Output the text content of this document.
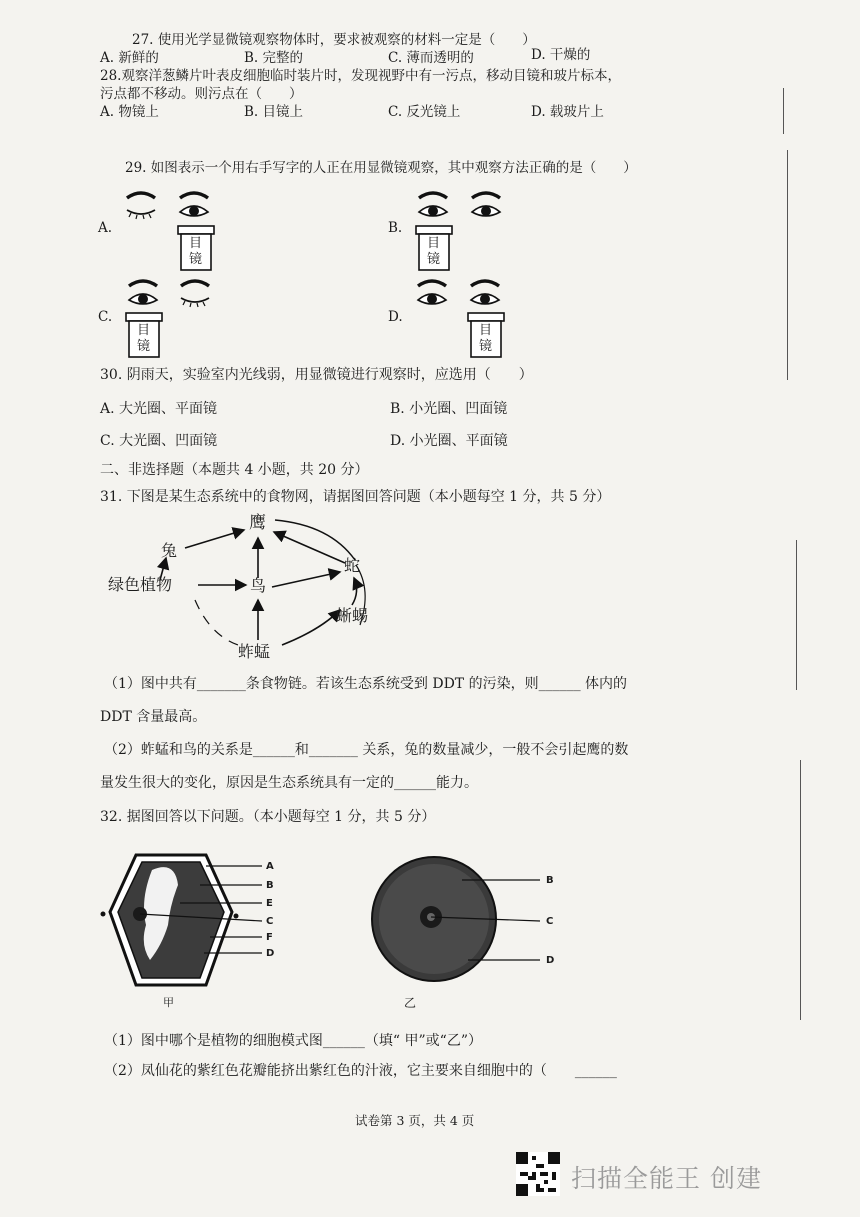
27. 使用光学显微镜观察物体时，要求被观察的材料一定是（　　）
A. 新鲜的	B. 完整的	C. 薄而透明的	D. 干燥的
28.观察洋葱鳞片叶表皮细胞临时装片时，发现视野中有一污点，移动目镜和玻片标本，
污点都不移动。则污点在（　　）
A. 物镜上	B. 目镜上	C. 反光镜上	D. 载玻片上
29. 如图表示一个用右手写字的人正在用显微镜观察，其中观察方法正确的是（　　）
A.	B.
C.	D.
目
镜
目
镜
目
镜
目
镜
30. 阴雨天，实验室内光线弱，用显微镜进行观察时，应选用（　　）
A. 大光圈、平面镜	B. 小光圈、凹面镜
C. 大光圈、凹面镜	D. 小光圈、平面镜
二、非选择题（本题共 4 小题，共 20 分）
31. 下图是某生态系统中的食物网，请据图回答问题（本小题每空 1 分，共 5 分）
鹰
兔
绿色植物	鸟
蛇
蜥蜴
蚱蜢
（1）图中共有_______条食物链。若该生态系统受到 DDT 的污染，则______ 体内的
DDT 含量最高。
（2）蚱蜢和鸟的关系是______和_______ 关系，兔的数量减少，一般不会引起鹰的数
量发生很大的变化，原因是生态系统具有一定的______能力。
32. 据图回答以下问题。（本小题每空 1 分，共 5 分）
A
B
E
C
F
D
B
C
D
甲	乙
（1）图中哪个是植物的细胞模式图______（填“ 甲”或“乙”）
（2）凤仙花的紫红色花瓣能挤出紫红色的汁液，它主要来自细胞中的（　　______
试卷第 3 页，共 4 页
扫描全能王 创建
